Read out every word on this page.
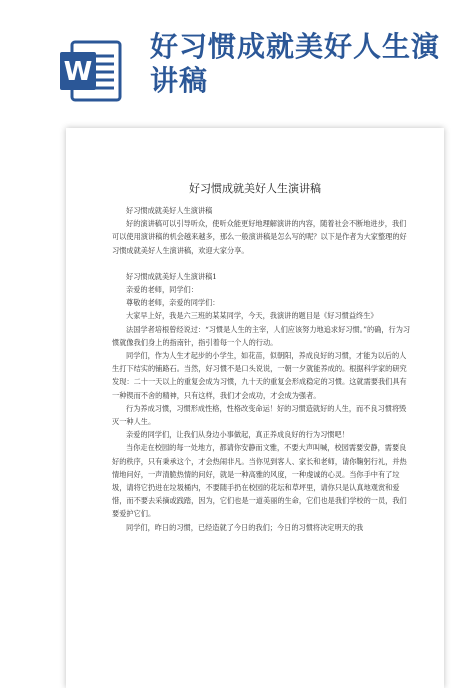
W
好习惯成就美好人生演讲稿
好习惯成就美好人生演讲稿

好习惯成就美好人生演讲稿

好的演讲稿可以引导听众，使听众能更好地理解演讲的内容，随着社会不断地进步，我们可以使用演讲稿的机会越来越多，那么一般演讲稿是怎么写的呢？以下是作者为大家整理的好习惯成就美好人生演讲稿，欢迎大家分享。

好习惯成就美好人生演讲稿1

亲爱的老师，同学们：

尊敬的老师，亲爱的同学们：

大家早上好，我是六三班的某某同学，今天，我演讲的题目是《好习惯益终生》

法国学者培根曾经说过：“习惯是人生的主宰，人们应该努力地追求好习惯。”的确，行为习惯就像我们身上的指南针，指引着每一个人的行动。

同学们，作为人生才起步的小学生，如花苗，似朝阳，养成良好的习惯，才能为以后的人生打下结实的铺路石。当然，好习惯不是口头说说，一朝一夕就能养成的。根据科学家的研究发现：二十一天以上的重复会成为习惯，九十天的重复会形成稳定的习惯。这就需要我们具有一种锲而不舍的精神，只有这样，我们才会成功，才会成为强者。

行为养成习惯，习惯形成性格，性格改变命运！好的习惯造就好的人生，而不良习惯将毁灭一种人生。

亲爱的同学们，让我们从身边小事做起，真正养成良好的行为习惯吧！

当你走在校园的每一处地方，都请你安静而文雅，不要大声叫喊，校园需要安静，需要良好的秩序，只有秉承这个，才会热闹非凡。当你见到客人、家长和老师，请你鞠躬行礼，并热情地问好，一声清脆热情的问好，就是一种高雅的风度，一种虔诚的心灵。当你手中有了垃圾，请将它扔进在垃圾桶内，不要随手扔在校园的花坛和草坪里，请你只是认真地观赏和爱惜，而不要去采摘或践踏，因为，它们也是一道美丽的生命，它们也是我们学校的一员，我们要爱护它们。

同学们，昨日的习惯，已经造就了今日的我们；今日的习惯将决定明天的我
